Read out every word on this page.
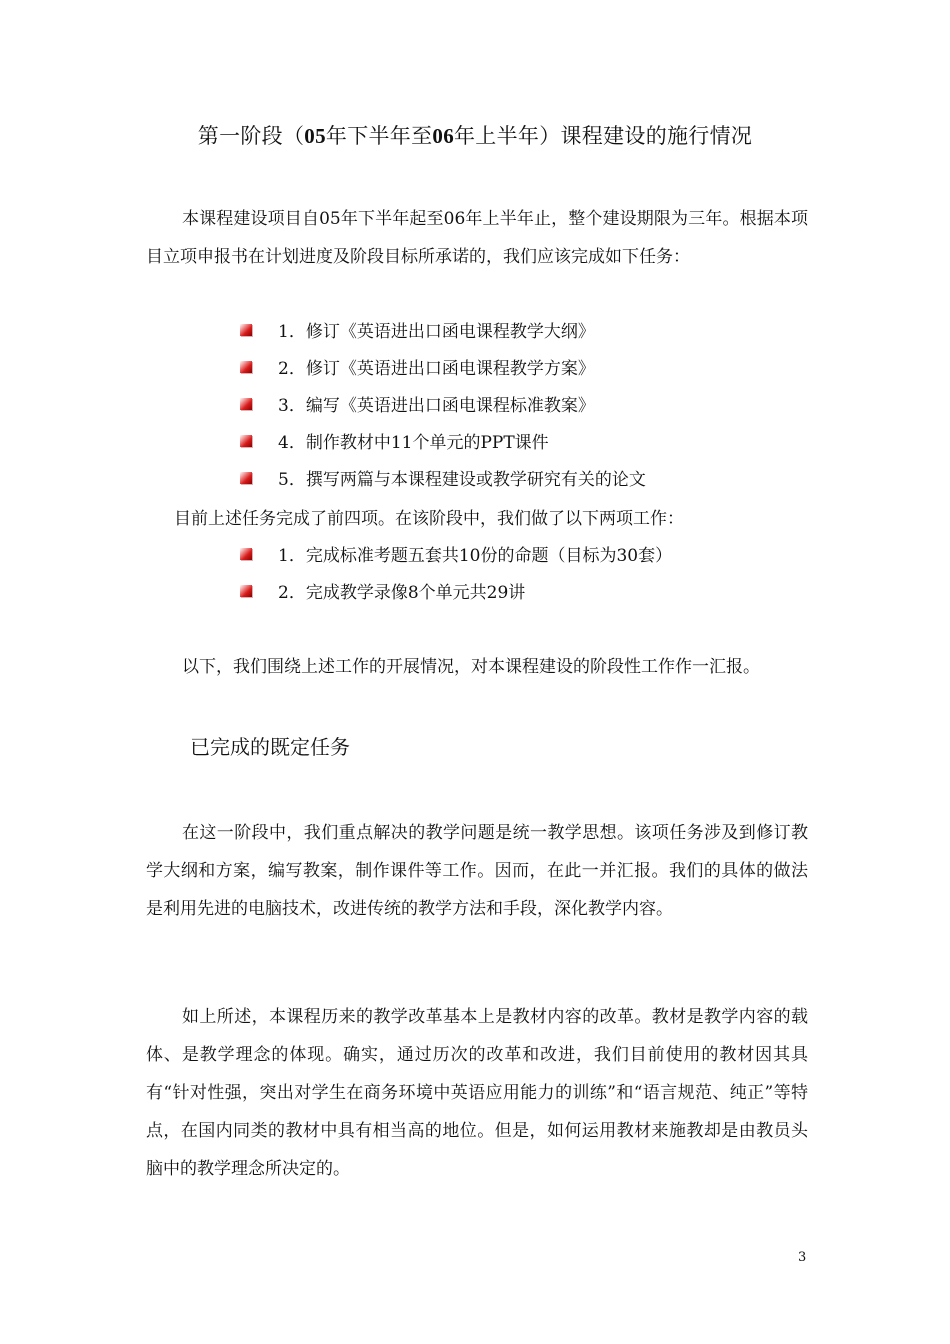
第一阶段（05年下半年至06年上半年）课程建设的施行情况

本课程建设项目自05年下半年起至06年上半年止，整个建设期限为三年。根据本项目立项申报书在计划进度及阶段目标所承诺的，我们应该完成如下任务：

1．修订《英语进出口函电课程教学大纲》
2．修订《英语进出口函电课程教学方案》
3．编写《英语进出口函电课程标准教案》
4．制作教材中11个单元的PPT课件
5．撰写两篇与本课程建设或教学研究有关的论文
目前上述任务完成了前四项。在该阶段中，我们做了以下两项工作：
1．完成标准考题五套共10份的命题（目标为30套）
2．完成教学录像8个单元共29讲
以下，我们围绕上述工作的开展情况，对本课程建设的阶段性工作作一汇报。
已完成的既定任务

在这一阶段中，我们重点解决的教学问题是统一教学思想。该项任务涉及到修订教学大纲和方案，编写教案，制作课件等工作。因而，在此一并汇报。我们的具体的做法是利用先进的电脑技术，改进传统的教学方法和手段，深化教学内容。

如上所述，本课程历来的教学改革基本上是教材内容的改革。教材是教学内容的载体、是教学理念的体现。确实，通过历次的改革和改进，我们目前使用的教材因其具有“针对性强，突出对学生在商务环境中英语应用能力的训练”和“语言规范、纯正”等特点，在国内同类的教材中具有相当高的地位。但是，如何运用教材来施教却是由教员头脑中的教学理念所决定的。

3
